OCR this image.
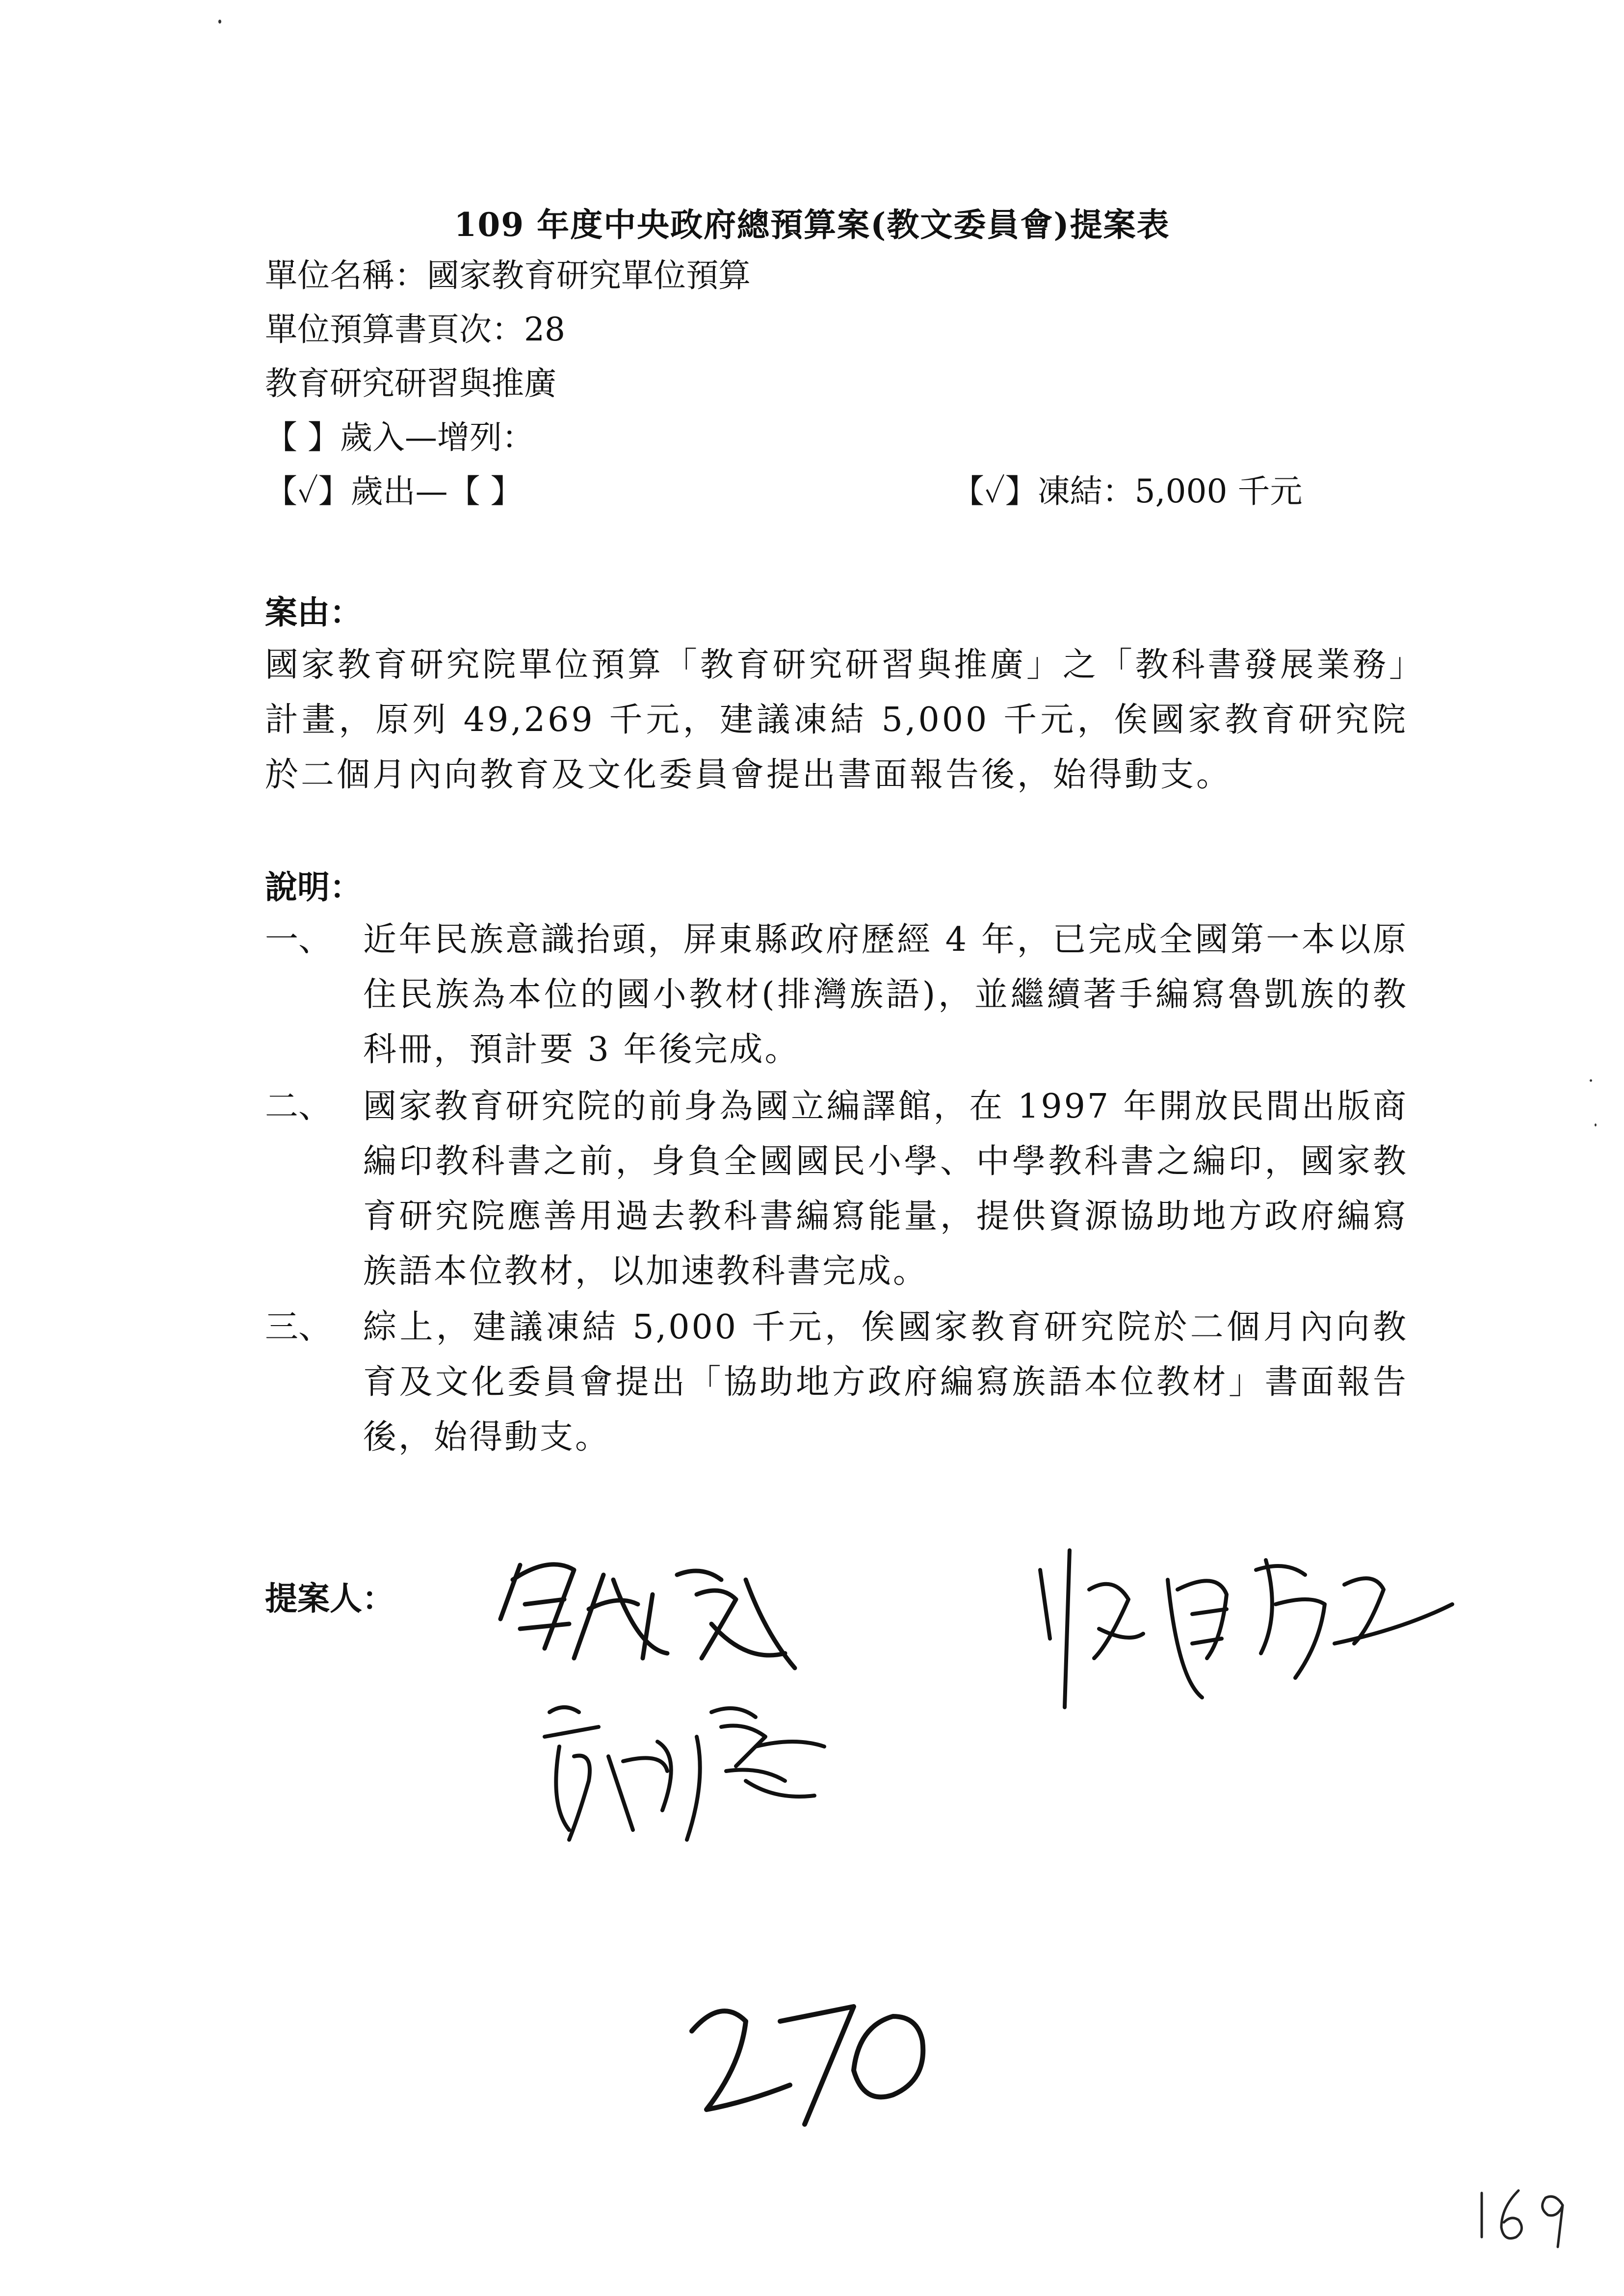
109 年度中央政府總預算案(教文委員會)提案表
單位名稱：國家教育研究單位預算
單位預算書頁次：28
教育研究研習與推廣
【 】歲入—增列：
【✓】歲出—【 】	【✓】凍結：5,000 千元
案由：
國家教育研究院單位預算「教育研究研習與推廣」之「教科書發展業務」計畫，原列 49,269 千元，建議凍結 5,000 千元，俟國家教育研究院於二個月內向教育及文化委員會提出書面報告後，始得動支。
說明：
一、 近年民族意識抬頭，屏東縣政府歷經 4 年，已完成全國第一本以原住民族為本位的國小教材(排灣族語)，並繼續著手編寫魯凱族的教科冊，預計要 3 年後完成。
二、 國家教育研究院的前身為國立編譯館，在 1997 年開放民間出版商編印教科書之前，身負全國國民小學、中學教科書之編印，國家教育研究院應善用過去教科書編寫能量，提供資源協助地方政府編寫族語本位教材，以加速教科書完成。
三、 綜上，建議凍結 5,000 千元，俟國家教育研究院於二個月內向教育及文化委員會提出「協助地方政府編寫族語本位教材」書面報告後，始得動支。
提案人：
